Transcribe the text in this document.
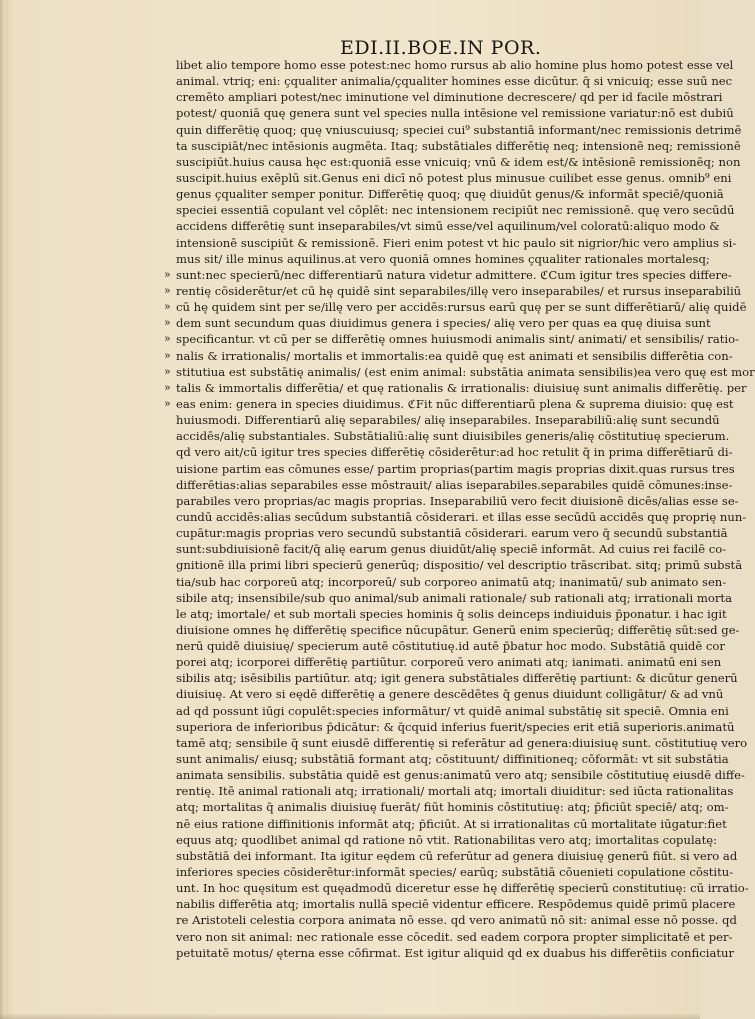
EDI.II.BOE.IN POR.
libet alio tempore homo esse potest:nec homo rursus ab alio homine plus homo potest esse vel
animal. vtriq; eni: çqualiter animalia/çqualiter homines esse dicūtur. q̄ si vnicuiq; esse suū nec
cremēto ampliari potest/nec iminutione vel diminutione decrescere/ qd per id facile mōstrari
potest/ quoniā quę genera sunt vel species nulla intēsione vel remissione variatur:nō est dubiū
quin differētię quoq; quę vniuscuiusq; speciei cui⁹ substantiā informant/nec remissionis detrimē
ta suscipiāt/nec intēsionis augmēta. Itaq; substātiales differētię neq; intensionē neq; remissionē
suscipiūt.huius causa hęc est:quoniā esse vnicuiq; vnū & idem est/& intēsionē remissionēq; non
suscipit.huius exēplū sit.Genus eni dicī nō potest plus minusue cuilibet esse genus. omnib⁹ eni
genus çqualiter semper ponitur. Differētię quoq; quę diuidūt genus/& informāt speciē/quoniā
speciei essentiā copulant vel cōplēt: nec intensionem recipiūt nec remissionē. quę vero secūdū
accidens differētię sunt inseparabiles/vt simū esse/vel aquilinum/vel coloratū:aliquo modo &
intensionē suscipiūt & remissionē. Fieri enim potest vt hic paulo sit nigrior/hic vero amplius si-
mus sit/ ille minus aquilinus.at vero quoniā omnes homines çqualiter rationales mortalesq;
» sunt:nec specierū/nec differentiarū natura videtur admittere. ℭCum igitur tres species differe-
» rentię cōsiderētur/et cū hę quidē sint separabiles/illę vero inseparabiles/ et rursus inseparabiliū
» cū hę quidem sint per se/illę vero per accidēs:rursus earū quę per se sunt differētiarū/ alię quidē
» dem sunt secundum quas diuidimus genera i species/ alię vero per quas ea quę diuisa sunt
» specificantur. vt cū per se differētię omnes huiusmodi animalis sint/ animati/ et sensibilis/ ratio-
» nalis & irrationalis/ mortalis et immortalis:ea quidē quę est animati et sensibilis differētia con-
» stitutiua est substātię animalis/ (est enim animal: substātia animata sensibilis)ea vero quę est mor
» talis & immortalis differētia/ et quę rationalis & irrationalis: diuisiuę sunt animalis differētię. per
» eas enim: genera in species diuidimus. ℭFit nūc differentiarū plena & suprema diuisio: quę est
huiusmodi. Differentiarū alię separabiles/ alię inseparabiles. Inseparabiliū:alię sunt secundū
accidēs/alię substantiales. Substātialiū:alię sunt diuisibiles generis/alię cōstitutiuę specierum.
qd vero ait/cū igitur tres species differētię cōsiderētur:ad hoc retulit q̄ in prima differētiarū di-
uisione partim eas cōmunes esse/ partim proprias(partim magis proprias dixit.quas rursus tres
differētias:alias separabiles esse mōstrauit/ alias iseparabiles.separabiles quidē cōmunes:inse-
parabiles vero proprias/ac magis proprias. Inseparabiliū vero fecit diuisionē dicēs/alias esse se-
cundū accidēs:alias secūdum substantiā cōsiderari. et illas esse secūdū accidēs quę proprię nun-
cupātur:magis proprias vero secundū substantiā cōsiderari. earum vero q̄ secundū substantiā
sunt:subdiuisionē facit/q̄ alię earum genus diuidūt/alię speciē informāt. Ad cuius rei facilē co-
gnitionē illa primi libri specierū generūq; dispositio/ vel descriptio trāscribat. sitq; primū substā
tia/sub hac corporeū atq; incorporeū/ sub corporeo animatū atq; inanimatū/ sub animato sen-
sibile atq; insensibile/sub quo animal/sub animali rationale/ sub rationali atq; irrationali morta
le atq; imortale/ et sub mortali species hominis q̄ solis deinceps indiuiduis p̄ponatur. i hac igit
diuisione omnes hę differētię specifice nūcupātur. Generū enim specierūq; differētię sūt:sed ge-
nerū quidē diuisiuę/ specierum autē cōstitutiuę.id autē p̄batur hoc modo. Substātiā quidē cor
porei atq; icorporei differētię partiūtur. corporeū vero animati atq; ianimati. animatū eni sen
sibilis atq; isēsibilis partiūtur. atq; igit genera substātiales differētię partiunt: & dicūtur generū
diuisiuę. At vero si eędē differētię a genere descēdētes q̄ genus diuidunt colligātur/ & ad vnū
ad qd possunt iūgi copulēt:species informātur/ vt quidē animal substātię sit speciē. Omnia eni
superiora de inferioribus p̄dicātur: & q̄cquid inferius fuerit/species erit etiā superioris.animatū
tamē atq; sensibile q̄ sunt eiusdē differentię si referātur ad genera:diuisiuę sunt. cōstitutiuę vero
sunt animalis/ eiusq; substātiā formant atq; cōstituunt/ diffinitioneq; cōformāt: vt sit substātia
animata sensibilis. substātia quidē est genus:animatū vero atq; sensibile cōstitutiuę eiusdē diffe-
rentię. Itē animal rationali atq; irrationali/ mortali atq; imortali diuiditur: sed iūcta rationalitas
atq; mortalitas q̄ animalis diuisiuę fuerāt/ fiūt hominis cōstitutiuę: atq; p̄ficiūt speciē/ atq; om-
nē eius ratione diffinitionis informāt atq; p̄ficiūt. At si irrationalitas cū mortalitate iūgatur:fiet
equus atq; quodlibet animal qd ratione nō vtit. Rationabilitas vero atq; imortalitas copulatę:
substātiā dei informant. Ita igitur eędem cū referūtur ad genera diuisiuę generū fiūt. si vero ad
inferiores species cōsiderētur:informāt species/ earūq; substātiā cōuenieti copulatione cōstitu-
unt. In hoc quęsitum est quęadmodū diceretur esse hę differētię specierū constitutiuę: cū irratio-
nabilis differētia atq; imortalis nullā speciē videntur efficere. Respōdemus quidē primū placere
re Aristoteli celestia corpora animata nō esse. qd vero animatū nō sit: animal esse nō posse. qd
vero non sit animal: nec rationale esse cōcedit. sed eadem corpora propter simplicitatē et per-
petuitatē motus/ ęterna esse cōfirmat. Est igitur aliquid qd ex duabus his differētiis conficiatur
